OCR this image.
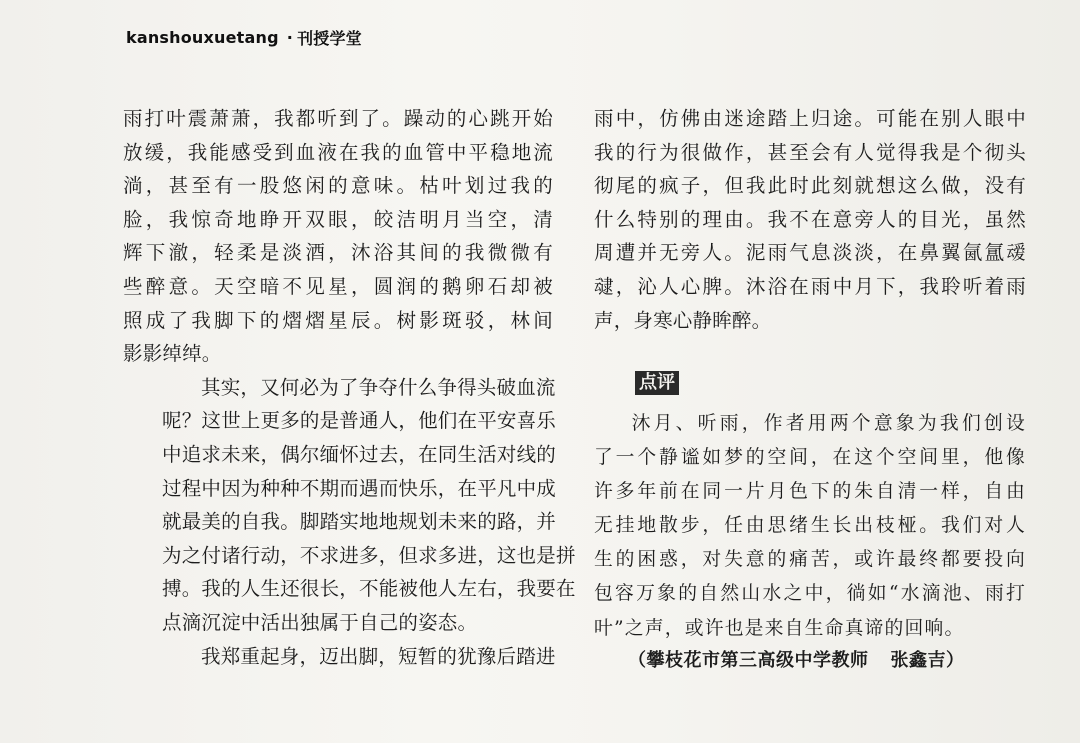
kanshouxuetang · 刊授学堂
雨打叶震萧萧，我都听到了。躁动的心跳开始
放缓，我能感受到血液在我的血管中平稳地流
淌，甚至有一股悠闲的意味。枯叶划过我的
脸，我惊奇地睁开双眼，皎洁明月当空，清
辉下澈，轻柔是淡酒，沐浴其间的我微微有
些醉意。天空暗不见星，圆润的鹅卵石却被
照成了我脚下的熠熠星辰。树影斑驳，林间
影影绰绰。
其实，又何必为了争夺什么争得头破血流
呢？这世上更多的是普通人，他们在平安喜乐
中追求未来，偶尔缅怀过去，在同生活对线的
过程中因为种种不期而遇而快乐，在平凡中成
就最美的自我。脚踏实地地规划未来的路，并
为之付诸行动，不求进多，但求多进，这也是拼
搏。我的人生还很长，不能被他人左右，我要在
点滴沉淀中活出独属于自己的姿态。
我郑重起身，迈出脚，短暂的犹豫后踏进
雨中，仿佛由迷途踏上归途。可能在别人眼中
我的行为很做作，甚至会有人觉得我是个彻头
彻尾的疯子，但我此时此刻就想这么做，没有
什么特别的理由。我不在意旁人的目光，虽然
周遭并无旁人。泥雨气息淡淡，在鼻翼氤氲叆
叇，沁人心脾。沐浴在雨中月下，我聆听着雨
声，身寒心静眸醉。
点评
沐月、听雨，作者用两个意象为我们创设
了一个静谧如梦的空间，在这个空间里，他像
许多年前在同一片月色下的朱自清一样，自由
无挂地散步，任由思绪生长出枝桠。我们对人
生的困惑，对失意的痛苦，或许最终都要投向
包容万象的自然山水之中，徜如“水滴池、雨打
叶”之声，或许也是来自生命真谛的回响。
（攀枝花市第三高级中学教师 张鑫吉）
